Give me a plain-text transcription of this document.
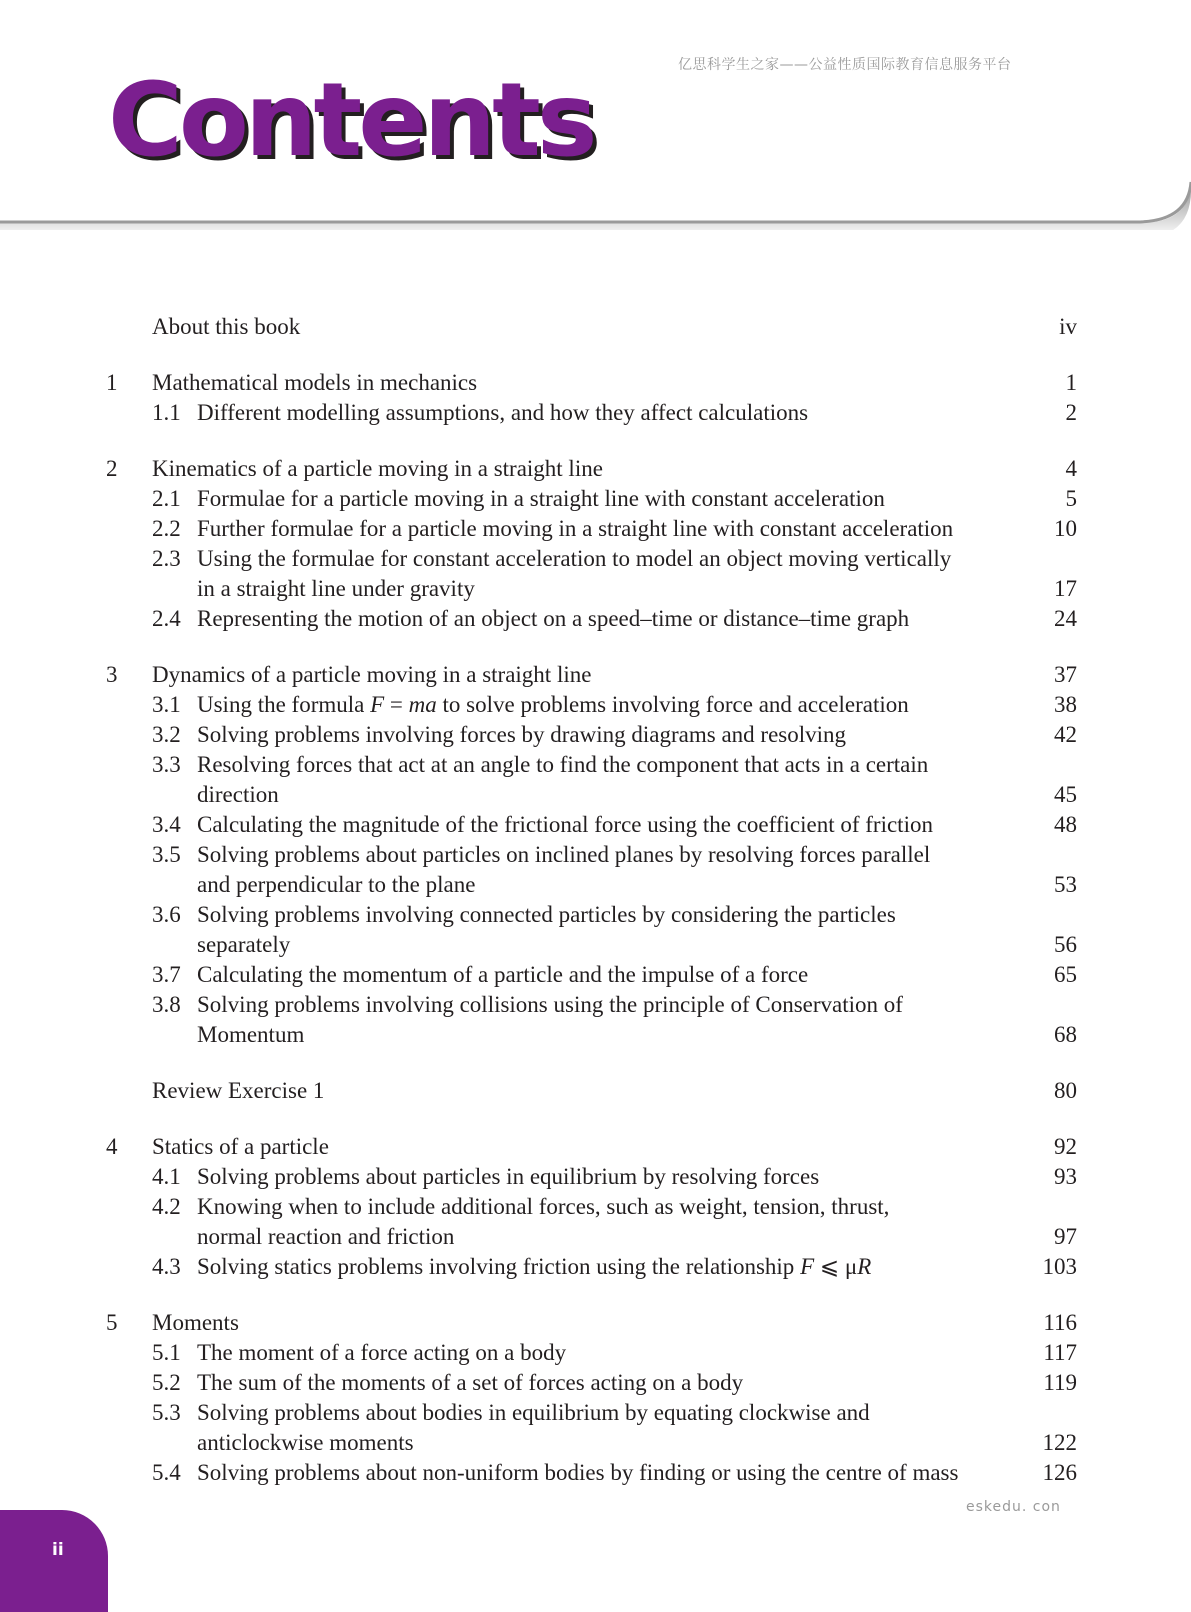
亿思科学生之家——公益性质国际教育信息服务平台
Contents
About this book	iv
1 Mathematical models in mechanics	1
1.1 Different modelling assumptions, and how they affect calculations	2
2 Kinematics of a particle moving in a straight line	4
2.1 Formulae for a particle moving in a straight line with constant acceleration	5
2.2 Further formulae for a particle moving in a straight line with constant acceleration	10
2.3 Using the formulae for constant acceleration to model an object moving vertically
in a straight line under gravity	17
2.4 Representing the motion of an object on a speed–time or distance–time graph	24
3 Dynamics of a particle moving in a straight line	37
3.1 Using the formula F = ma to solve problems involving force and acceleration	38
3.2 Solving problems involving forces by drawing diagrams and resolving	42
3.3 Resolving forces that act at an angle to find the component that acts in a certain
direction	45
3.4 Calculating the magnitude of the frictional force using the coefficient of friction	48
3.5 Solving problems about particles on inclined planes by resolving forces parallel
and perpendicular to the plane	53
3.6 Solving problems involving connected particles by considering the particles
separately	56
3.7 Calculating the momentum of a particle and the impulse of a force	65
3.8 Solving problems involving collisions using the principle of Conservation of
Momentum	68
Review Exercise 1	80
4 Statics of a particle	92
4.1 Solving problems about particles in equilibrium by resolving forces	93
4.2 Knowing when to include additional forces, such as weight, tension, thrust,
normal reaction and friction	97
4.3 Solving statics problems involving friction using the relationship F ⩽ μR	103
5 Moments	116
5.1 The moment of a force acting on a body	117
5.2 The sum of the moments of a set of forces acting on a body	119
5.3 Solving problems about bodies in equilibrium by equating clockwise and
anticlockwise moments	122
5.4 Solving problems about non-uniform bodies by finding or using the centre of mass	126
eskedu. con
ii
